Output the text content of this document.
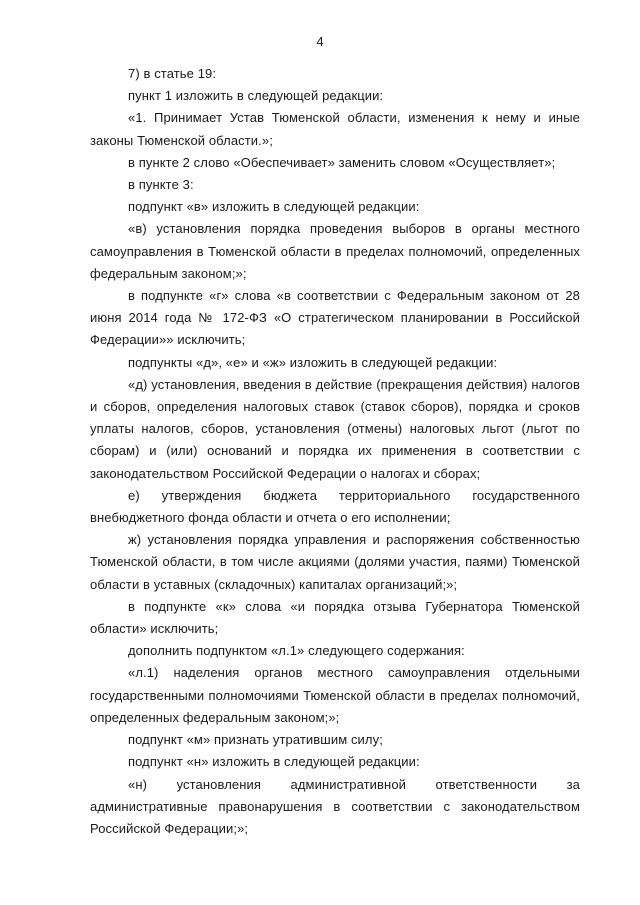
4

7) в статье 19:

пункт 1 изложить в следующей редакции:

«1. Принимает Устав Тюменской области, изменения к нему и иные законы Тюменской области.»;

в пункте 2 слово «Обеспечивает» заменить словом «Осуществляет»;

в пункте 3:

подпункт «в» изложить в следующей редакции:

«в) установления порядка проведения выборов в органы местного самоуправления в Тюменской области в пределах полномочий, определенных федеральным законом;»;

в подпункте «г» слова «в соответствии с Федеральным законом от 28 июня 2014 года № 172-ФЗ «О стратегическом планировании в Российской Федерации»» исключить;

подпункты «д», «е» и «ж» изложить в следующей редакции:

«д) установления, введения в действие (прекращения действия) налогов и сборов, определения налоговых ставок (ставок сборов), порядка и сроков уплаты налогов, сборов, установления (отмены) налоговых льгот (льгот по сборам) и (или) оснований и порядка их применения в соответствии с законодательством Российской Федерации о налогах и сборах;

е) утверждения бюджета территориального государственного внебюджетного фонда области и отчета о его исполнении;

ж) установления порядка управления и распоряжения собственностью Тюменской области, в том числе акциями (долями участия, паями) Тюменской области в уставных (складочных) капиталах организаций;»;

в подпункте «к» слова «и порядка отзыва Губернатора Тюменской области» исключить;

дополнить подпунктом «л.1» следующего содержания:

«л.1) наделения органов местного самоуправления отдельными государственными полномочиями Тюменской области в пределах полномочий, определенных федеральным законом;»;

подпункт «м» признать утратившим силу;

подпункт «н» изложить в следующей редакции:

«н) установления административной ответственности за административные правонарушения в соответствии с законодательством Российской Федерации;»;
